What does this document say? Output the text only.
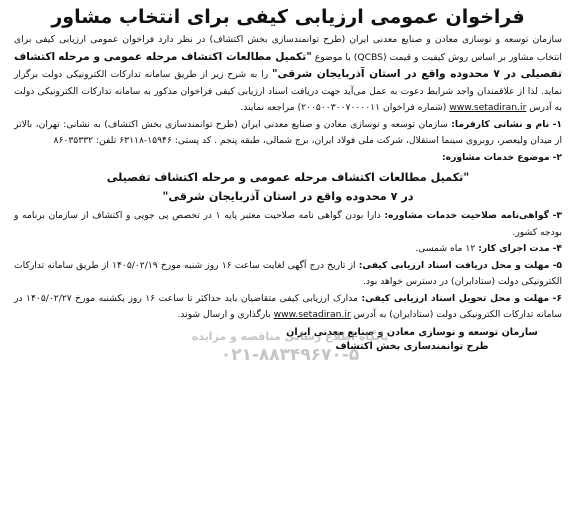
فراخوان عمومی ارزیابی کیفی برای انتخاب مشاور

سازمان توسعه و نوسازی معادن و صنایع معدنی ایران (طرح توانمندسازی بخش اکتشاف) در نظر دارد فراخوان عمومی ارزیابی کیفی برای انتخاب مشاور بر اساس روش کیفیت و قیمت (QCBS) با موضوع "تکمیل مطالعات اکتشاف مرحله عمومی و مرحله اکتشاف تفصیلی در ۷ محدوده واقع در استان آذربایجان شرقی" را به شرح زیر از طریق سامانه تدارکات الکترونیکی دولت برگزار نماید. لذا از علاقمندان واجد شرایط دعوت به عمل می‌آید جهت دریافت اسناد ارزیابی کیفی فراخوان مذکور به سامانه تدارکات الکترونیکی دولت به آدرس www.setadiran.ir (شماره فراخوان ۲۰۰۵۰۰۳۰۰۷۰۰۰۰۱۱) مراجعه نمایند.

۱- نام و نشانی کارفرما: سازمان توسعه و نوسازی معادن و صنایع معدنی ایران (طرح توانمندسازی بخش اکتشاف) به نشانی: تهران، بالاتر از میدان ولیعصر، روبروی سینما استقلال، شرکت ملی فولاد ایران، برج شمالی، طبقه پنجم . کد پستی: ۱۵۹۴۶-۶۳۱۱۸ تلفن: ۸۶۰۳۵۳۳۲

۲- موضوع خدمات مشاوره:

"تکمیل مطالعات اکتشاف مرحله عمومی و مرحله اکتشاف تفصیلی
در ۷ محدوده واقع در استان آذربایجان شرقی"

۳- گواهی‌نامه صلاحیت خدمات مشاوره: دارا بودن گواهی نامه صلاحیت معتبر پایه ۱ در تخصص پی جویی و اکتشاف از سازمان برنامه و بودجه کشور.

۴- مدت اجرای کار: ۱۲ ماه شمسی.

۵- مهلت و محل دریافت اسناد ارزیابی کیفی: از تاریخ درج آگهی لغایت ساعت ۱۶ روز شنبه مورخ ۱۴۰۵/۰۲/۱۹ از طریق سامانه تدارکات الکترونیکی دولت (ستادایران) در دسترس خواهد بود.

۶- مهلت و محل تحویل اسناد ارزیابی کیفی: مدارک ارزیابی کیفی متقاضیان باید حداکثر تا ساعت ۱۶ روز یکشنبه مورخ ۱۴۰۵/۰۲/۲۷ در سامانه تدارکات الکترونیکی دولت (ستادایران) به آدرس www.setadiran.ir بارگذاری و ارسال شوند.

سازمان توسعه و نوسازی معادن و صنایع معدنی ایران
طرح توانمندسازی بخش اکتشاف
پایگاه اطلاع رسانی مناقصه و مزایده
۰۲۱-۸۸۳۴۹۶۷۰-۵
